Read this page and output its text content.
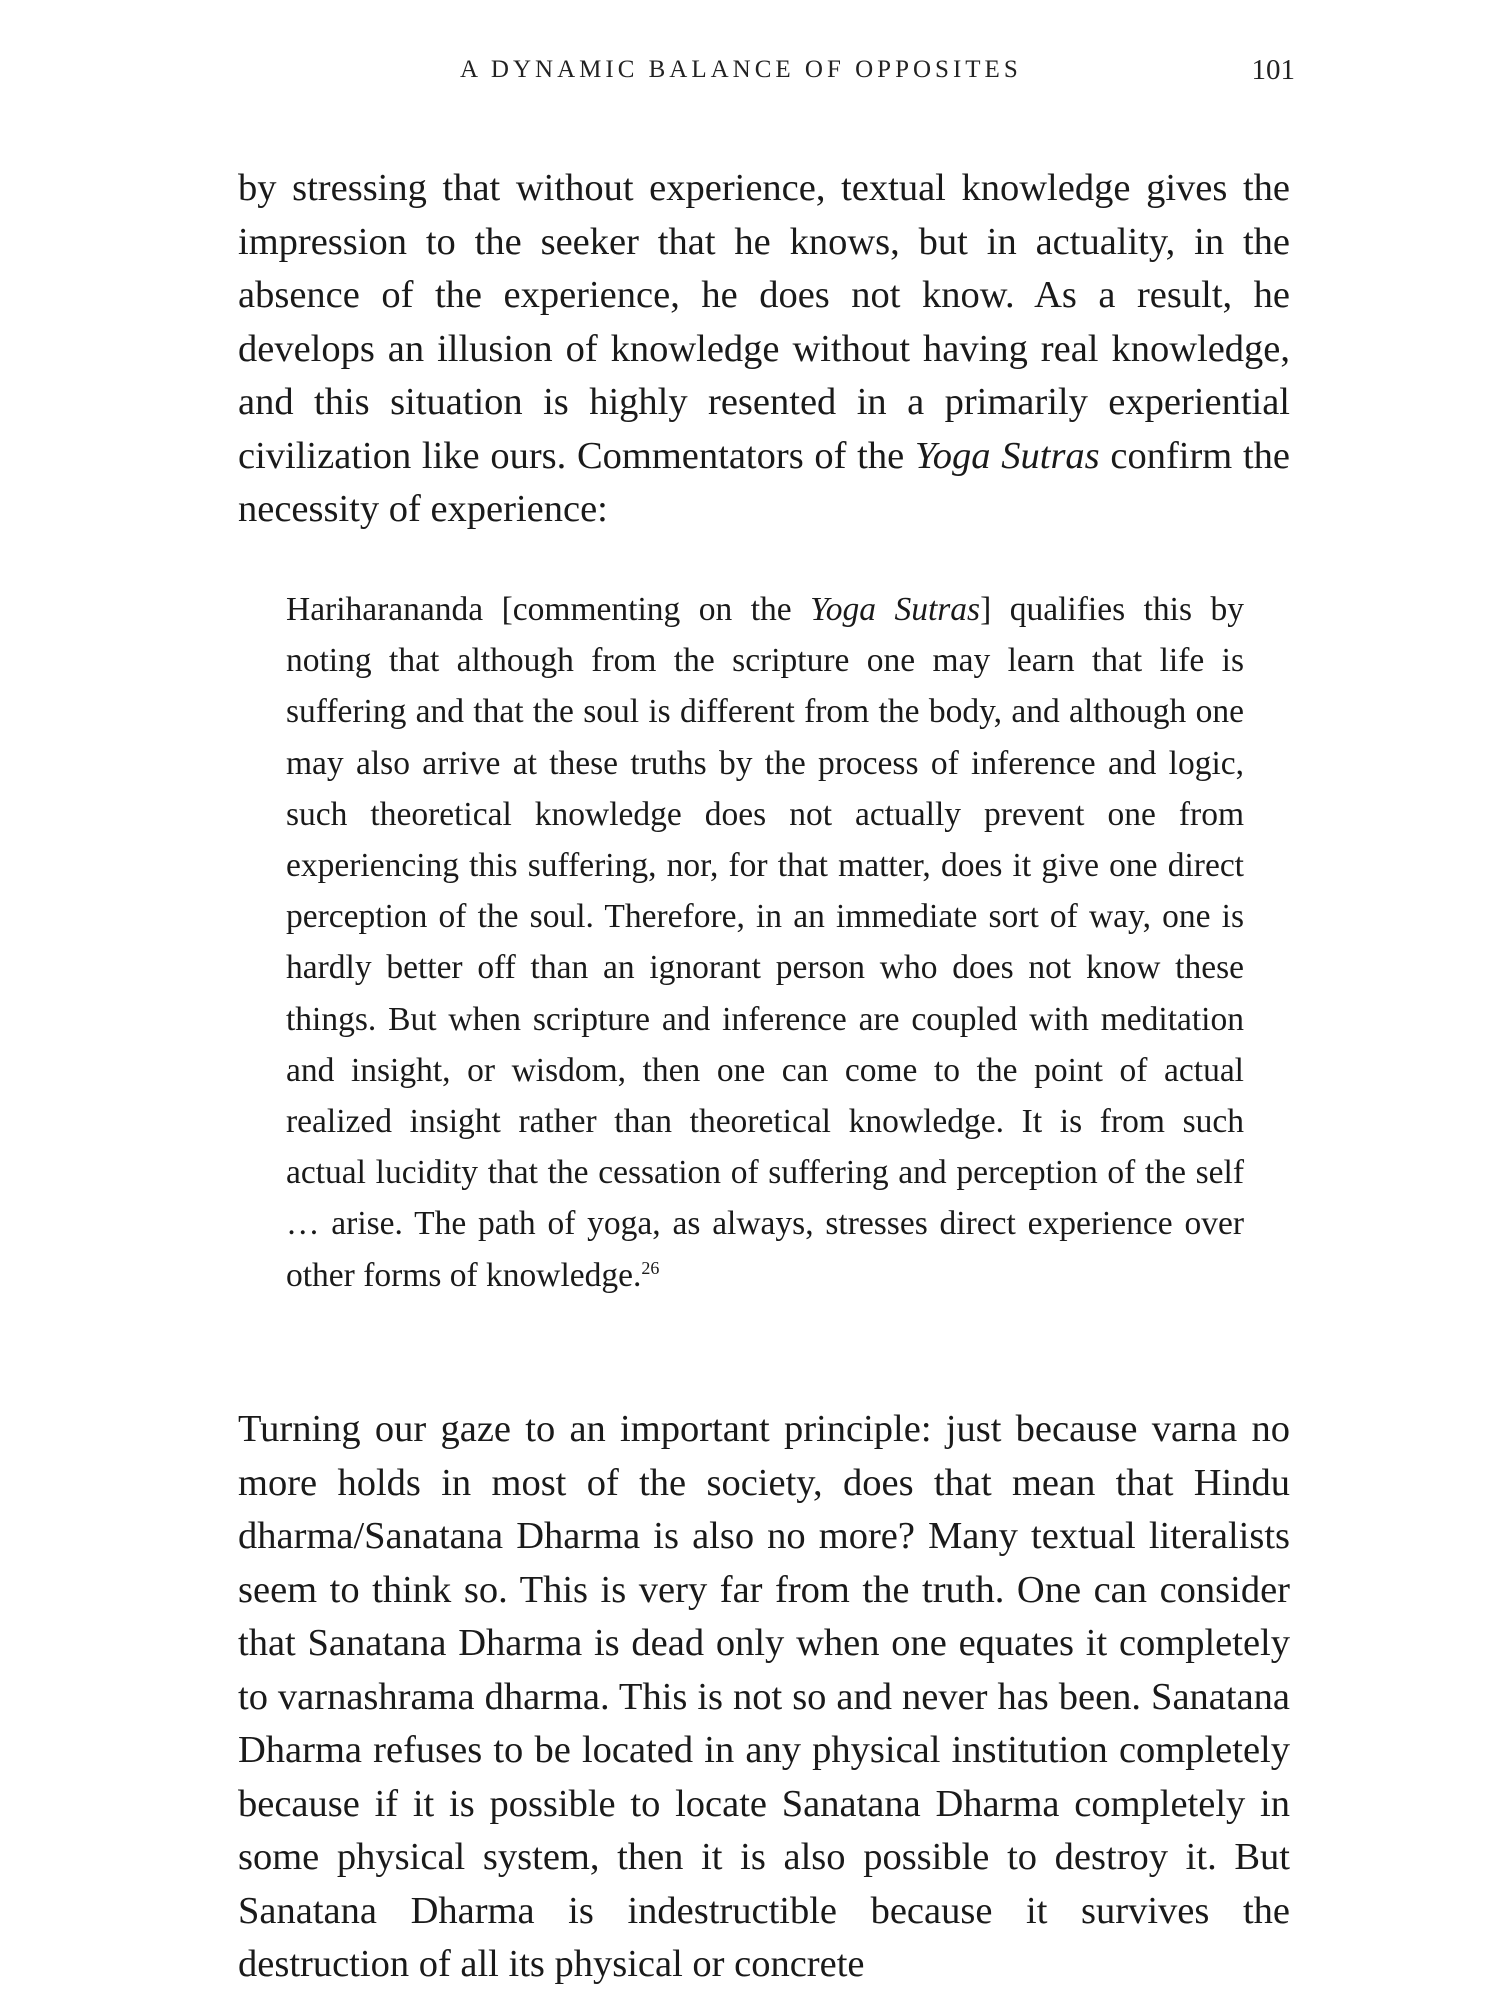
A DYNAMIC BALANCE OF OPPOSITES	101

by stressing that without experience, textual knowledge gives the impression to the seeker that he knows, but in actuality, in the absence of the experience, he does not know. As a result, he develops an illusion of knowledge without having real knowledge, and this situation is highly resented in a primarily experiential civilization like ours. Commentators of the Yoga Sutras confirm the necessity of experience:

Hariharananda [commenting on the Yoga Sutras] qualifies this by noting that although from the scripture one may learn that life is suffering and that the soul is different from the body, and although one may also arrive at these truths by the process of inference and logic, such theoretical knowledge does not actually prevent one from experiencing this suffering, nor, for that matter, does it give one direct perception of the soul. Therefore, in an immediate sort of way, one is hardly better off than an ignorant person who does not know these things. But when scripture and inference are coupled with meditation and insight, or wisdom, then one can come to the point of actual realized insight rather than theoretical knowledge. It is from such actual lucidity that the cessation of suffering and perception of the self … arise. The path of yoga, as always, stresses direct experience over other forms of knowledge.$^{26}$

Turning our gaze to an important principle: just because varna no more holds in most of the society, does that mean that Hindu dharma/Sanatana Dharma is also no more? Many textual literalists seem to think so. This is very far from the truth. One can consider that Sanatana Dharma is dead only when one equates it completely to varnashrama dharma. This is not so and never has been. Sanatana Dharma refuses to be located in any physical institution completely because if it is possible to locate Sanatana Dharma completely in some physical system, then it is also possible to destroy it. But Sanatana Dharma is indestructible because it survives the destruction of all its physical or concrete
